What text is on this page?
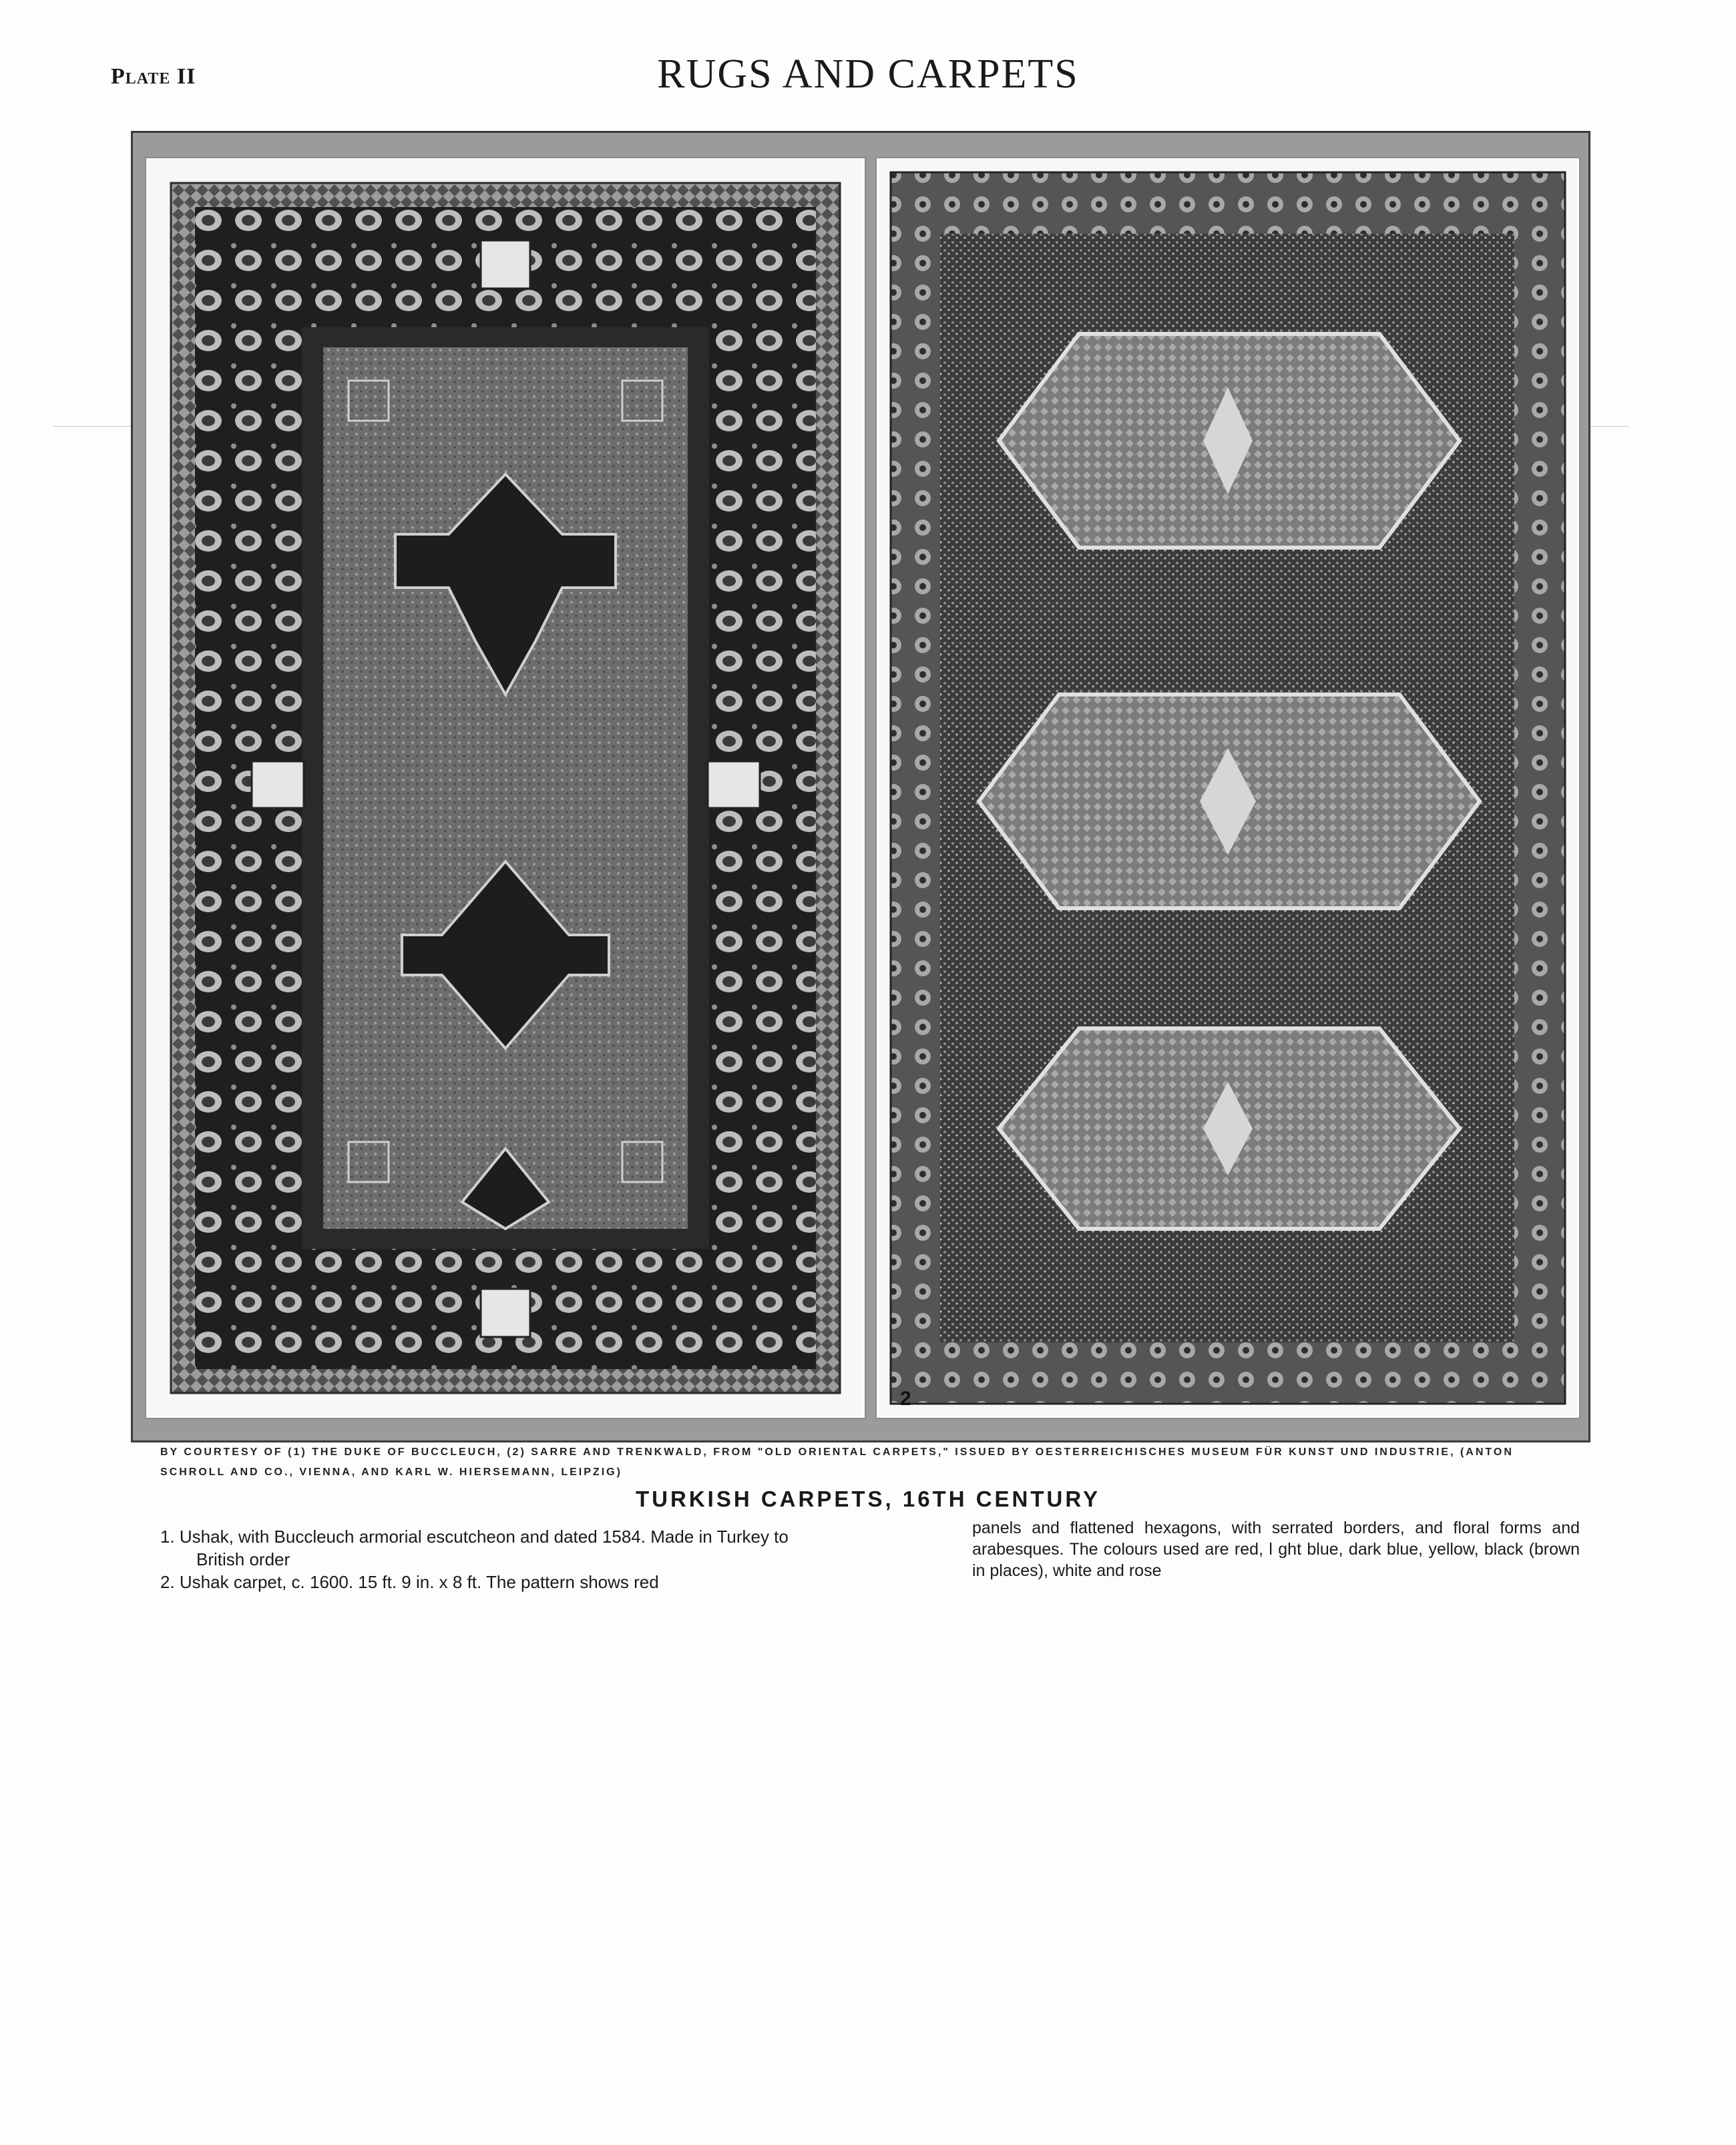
Plate II	RUGS AND CARPETS
2
BY COURTESY OF (1) THE DUKE OF BUCCLEUCH, (2) SARRE AND TRENKWALD, FROM "OLD ORIENTAL CARPETS," ISSUED BY OESTERREICHISCHES MUSEUM FÜR KUNST UND INDUSTRIE, (ANTON SCHROLL AND CO., VIENNA, AND KARL W. HIERSEMANN, LEIPZIG)
TURKISH CARPETS, 16TH CENTURY
1. Ushak, with Buccleuch armorial escutcheon and dated 1584. Made in Turkey to British order
2. Ushak carpet, c. 1600. 15 ft. 9 in. x 8 ft. The pattern shows red
panels and flattened hexagons, with serrated borders, and floral forms and arabesques. The colours used are red, l ght blue, dark blue, yellow, black (brown in places), white and rose
